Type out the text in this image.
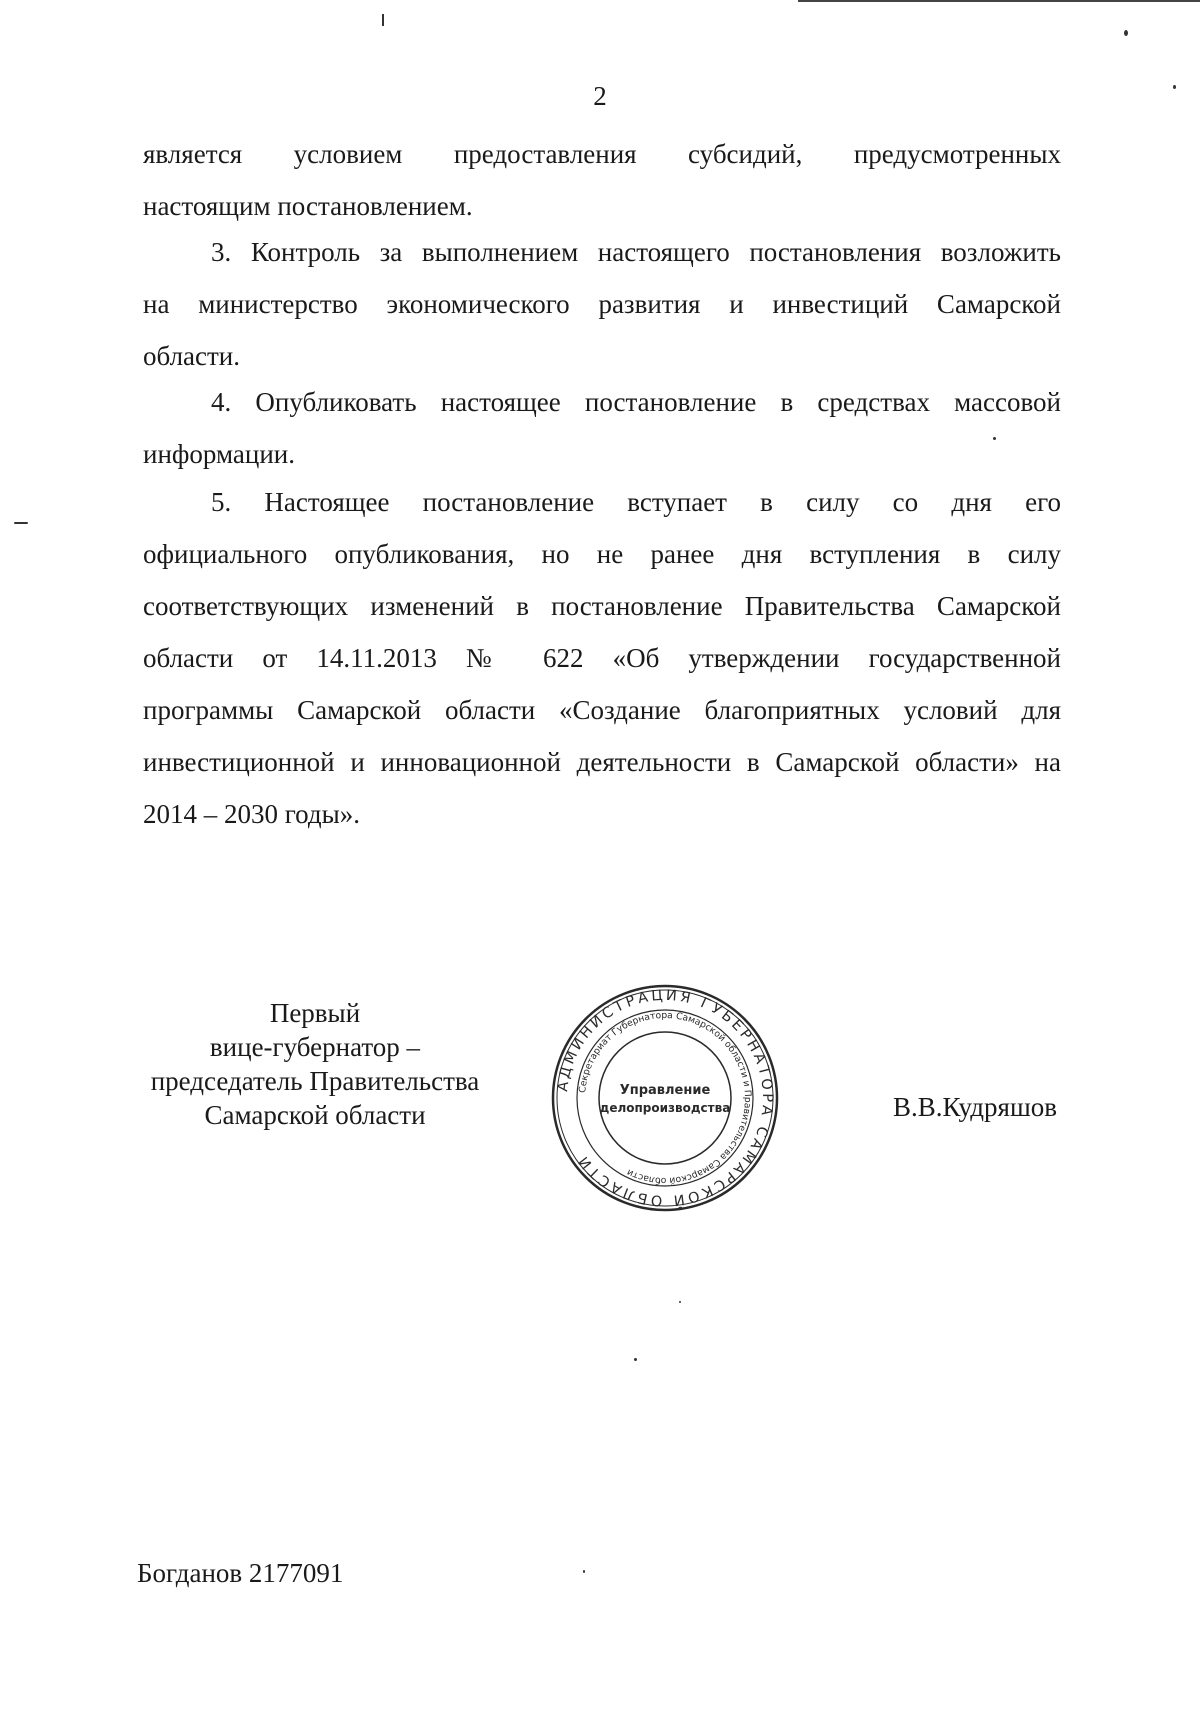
2
является условием предоставления субсидий, предусмотренных
настоящим постановлением.
3. Контроль за выполнением настоящего постановления возложить
на министерство экономического развития и инвестиций Самарской
области.
4. Опубликовать настоящее постановление в средствах массовой
информации.
5. Настоящее постановление вступает в силу со дня его
официального опубликования, но не ранее дня вступления в силу
соответствующих изменений в постановление Правительства Самарской
области от 14.11.2013 № 622 «Об утверждении государственной
программы Самарской области «Создание благоприятных условий для
инвестиционной и инновационной деятельности в Самарской области» на
2014 – 2030 годы».
Первый
вице-губернатор –
председатель Правительства
Самарской области
АДМИНИСТРАЦИЯ ГУБЕРНАТОРА САМАРСКОЙ ОБЛАСТИ
Секретариат Губернатора Самарской области и Правительства Самарской области
Управление
делопроизводства	В.В.Кудряшов
Богданов 2177091
